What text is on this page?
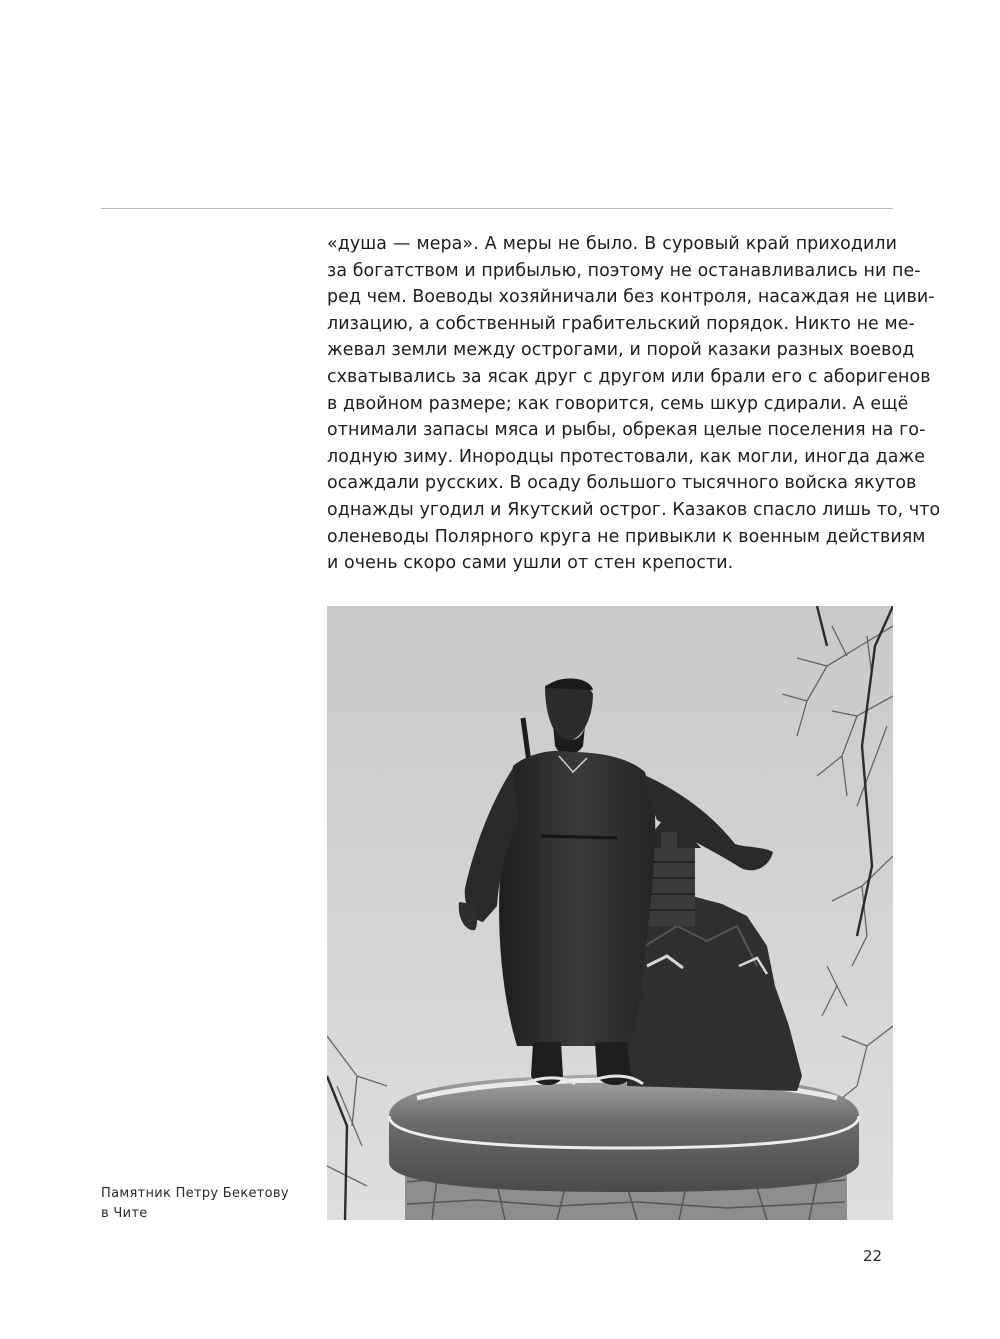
«душа — мера». А меры не было. В суровый край приходили
за богатством и прибылью, поэтому не останавливались ни пе-
ред чем. Воеводы хозяйничали без контроля, насаждая не циви-
лизацию, а собственный грабительский порядок. Никто не ме-
жевал земли между острогами, и порой казаки разных воевод
схватывались за ясак друг с другом или брали его с аборигенов
в двойном размере; как говорится, семь шкур сдирали. А ещё
отнимали запасы мяса и рыбы, обрекая целые поселения на го-
лодную зиму. Инородцы протестовали, как могли, иногда даже
осаждали русских. В осаду большого тысячного войска якутов
однажды угодил и Якутский острог. Казаков спасло лишь то, что
оленеводы Полярного круга не привыкли к военным действиям
и очень скоро сами ушли от стен крепости.
Памятник Петру Бекетову
в Чите
22
